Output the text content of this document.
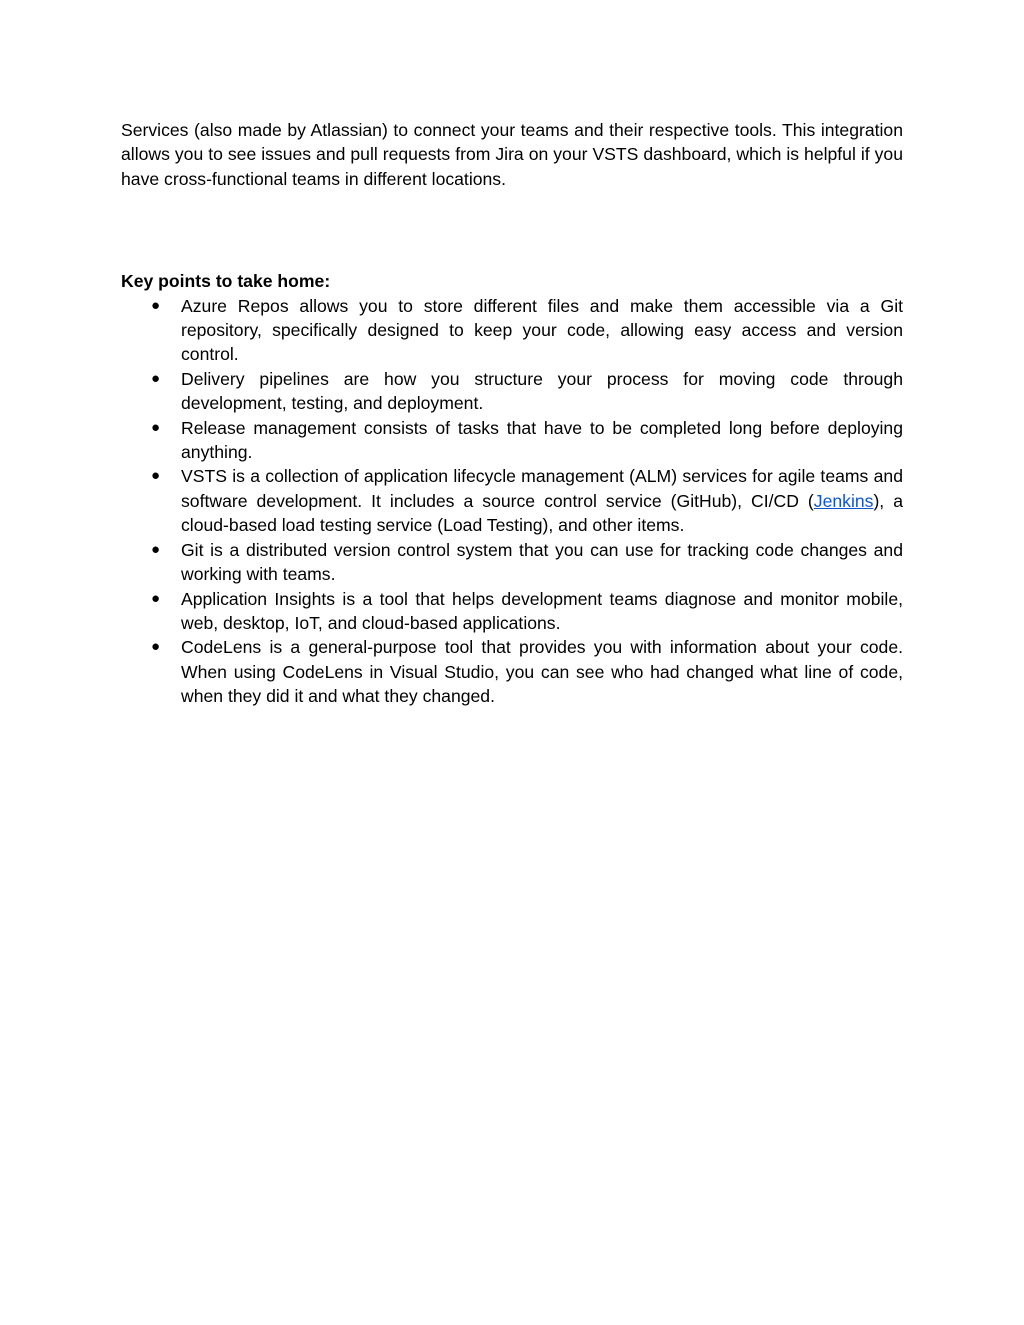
Services (also made by Atlassian) to connect your teams and their respective tools. This integration allows you to see issues and pull requests from Jira on your VSTS dashboard, which is helpful if you have cross-functional teams in different locations.

Key points to take home:

● Azure Repos allows you to store different files and make them accessible via a Git repository, specifically designed to keep your code, allowing easy access and version control.
● Delivery pipelines are how you structure your process for moving code through development, testing, and deployment.
● Release management consists of tasks that have to be completed long before deploying anything.
● VSTS is a collection of application lifecycle management (ALM) services for agile teams and software development. It includes a source control service (GitHub), CI/CD (Jenkins), a cloud-based load testing service (Load Testing), and other items.
● Git is a distributed version control system that you can use for tracking code changes and working with teams.
● Application Insights is a tool that helps development teams diagnose and monitor mobile, web, desktop, IoT, and cloud-based applications.
● CodeLens is a general-purpose tool that provides you with information about your code. When using CodeLens in Visual Studio, you can see who had changed what line of code, when they did it and what they changed.
